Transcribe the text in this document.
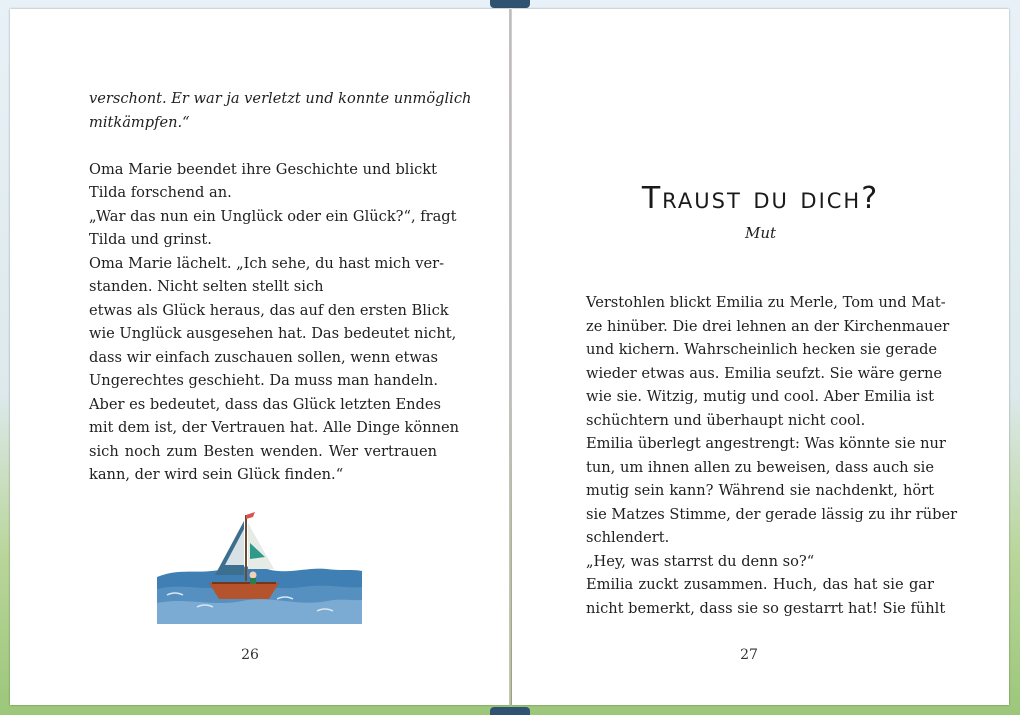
verschont. Er war ja verletzt und konnte unmöglich
mitkämpfen.“
Oma Marie beendet ihre Geschichte und blickt
Tilda forschend an.
„War das nun ein Unglück oder ein Glück?“, fragt
Tilda und grinst.
Oma Marie lächelt. „Ich sehe, du hast mich ver-
standen. Nicht selten stellt sich
etwas als Glück heraus, das auf den ersten Blick
wie Unglück ausgesehen hat. Das bedeutet nicht,
dass wir einfach zuschauen sollen, wenn etwas
Ungerechtes geschieht. Da muss man handeln.
Aber es bedeutet, dass das Glück letzten Endes
mit dem ist, der Vertrauen hat. Alle Dinge können
sich noch zum Besten wenden. Wer vertrauen
kann, der wird sein Glück finden.“
26
Traust du dich?
Mut
Verstohlen blickt Emilia zu Merle, Tom und Mat-
ze hinüber. Die drei lehnen an der Kirchenmauer
und kichern. Wahrscheinlich hecken sie gerade
wieder etwas aus. Emilia seufzt. Sie wäre gerne
wie sie. Witzig, mutig und cool. Aber Emilia ist
schüchtern und überhaupt nicht cool.
Emilia überlegt angestrengt: Was könnte sie nur
tun, um ihnen allen zu beweisen, dass auch sie
mutig sein kann? Während sie nachdenkt, hört
sie Matzes Stimme, der gerade lässig zu ihr rüber
schlendert.
„Hey, was starrst du denn so?“
Emilia zuckt zusammen. Huch, das hat sie gar
nicht bemerkt, dass sie so gestarrt hat! Sie fühlt
27
